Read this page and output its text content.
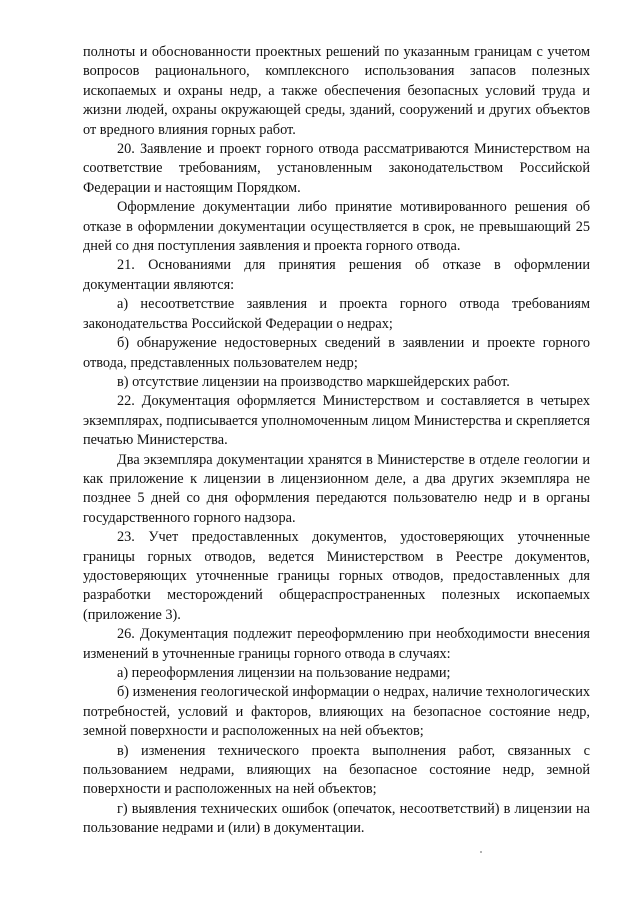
полноты и обоснованности проектных решений по указанным границам с учетом вопросов рационального, комплексного использования запасов полезных ископаемых и охраны недр, а также обеспечения безопасных условий труда и жизни людей, охраны окружающей среды, зданий, сооружений и других объектов от вредного влияния горных работ.

20. Заявление и проект горного отвода рассматриваются Министерством на соответствие требованиям, установленным законодательством Российской Федерации и настоящим Порядком.

Оформление документации либо принятие мотивированного решения об отказе в оформлении документации осуществляется в срок, не превышающий 25 дней со дня поступления заявления и проекта горного отвода.

21. Основаниями для принятия решения об отказе в оформлении документации являются:

а) несоответствие заявления и проекта горного отвода требованиям законодательства Российской Федерации о недрах;

б) обнаружение недостоверных сведений в заявлении и проекте горного отвода, представленных пользователем недр;

в) отсутствие лицензии на производство маркшейдерских работ.

22. Документация оформляется Министерством и составляется в четырех экземплярах, подписывается уполномоченным лицом Министерства и скрепляется печатью Министерства.

Два экземпляра документации хранятся в Министерстве в отделе геологии и как приложение к лицензии в лицензионном деле, а два других экземпляра не позднее 5 дней со дня оформления передаются пользователю недр и в органы государственного горного надзора.

23. Учет предоставленных документов, удостоверяющих уточненные границы горных отводов, ведется Министерством в Реестре документов, удостоверяющих уточненные границы горных отводов, предоставленных для разработки месторождений общераспространенных полезных ископаемых (приложение 3).

26. Документация подлежит переоформлению при необходимости внесения изменений в уточненные границы горного отвода в случаях:

а) переоформления лицензии на пользование недрами;

б) изменения геологической информации о недрах, наличие технологических потребностей, условий и факторов, влияющих на безопасное состояние недр, земной поверхности и расположенных на ней объектов;

в) изменения технического проекта выполнения работ, связанных с пользованием недрами, влияющих на безопасное состояние недр, земной поверхности и расположенных на ней объектов;

г) выявления технических ошибок (опечаток, несоответствий) в лицензии на пользование недрами и (или) в документации.
